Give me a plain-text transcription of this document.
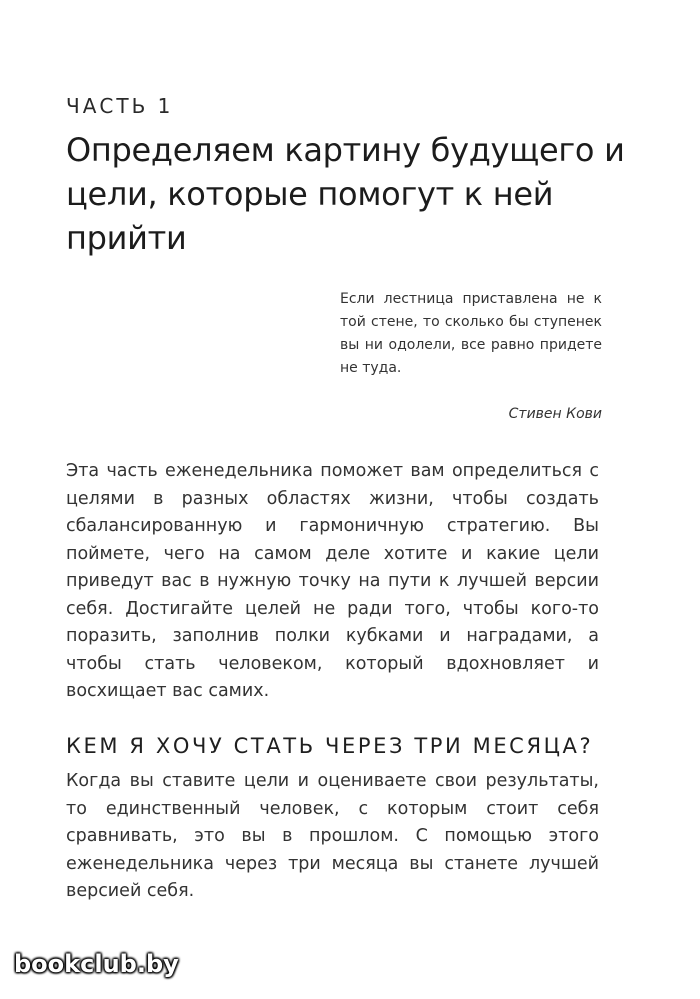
ЧАСТЬ 1
Определяем картину будущего и цели, которые помогут к ней прийти
Если лестница приставлена не к той стене, то сколько бы ступенек вы ни одолели, все равно придете не туда.
Стивен Кови
Эта часть еженедельника поможет вам определиться с целями в разных областях жизни, чтобы создать сбалансированную и гармоничную стратегию. Вы поймете, чего на самом деле хотите и какие цели приведут вас в нужную точку на пути к лучшей версии себя. Достигайте целей не ради того, чтобы кого-то поразить, заполнив полки кубками и наградами, а чтобы стать человеком, который вдохновляет и восхищает вас самих.
КЕМ Я ХОЧУ СТАТЬ ЧЕРЕЗ ТРИ МЕСЯЦА?
Когда вы ставите цели и оцениваете свои результаты, то единственный человек, с которым стоит себя сравнивать, это вы в прошлом. С помощью этого еженедельника через три месяца вы станете лучшей версией себя.
bookclub.by
